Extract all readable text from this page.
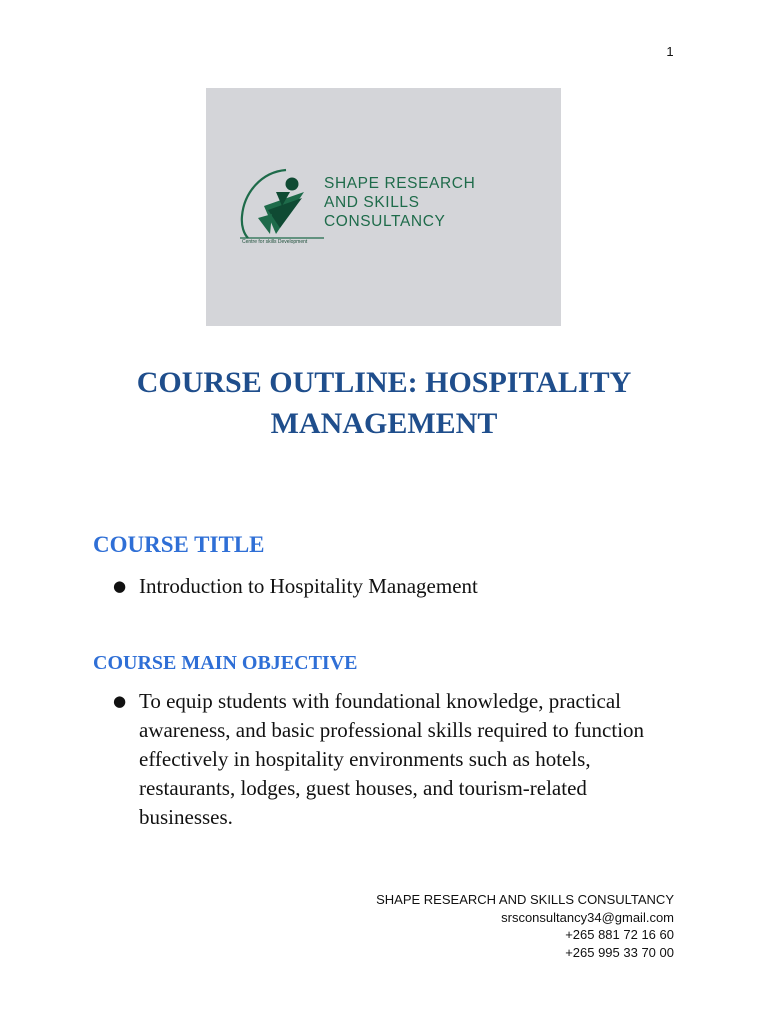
1
SHAPE RESEARCH
AND SKILLS
CONSULTANCY
Centre for skills Development
COURSE OUTLINE: HOSPITALITY
MANAGEMENT
COURSE TITLE
● Introduction to Hospitality Management
COURSE MAIN OBJECTIVE
● To equip students with foundational knowledge, practical awareness, and basic professional skills required to function effectively in hospitality environments such as hotels, restaurants, lodges, guest houses, and tourism-related businesses.
SHAPE RESEARCH AND SKILLS CONSULTANCY
srsconsultancy34@gmail.com
+265 881 72 16 60
+265 995 33 70 00
